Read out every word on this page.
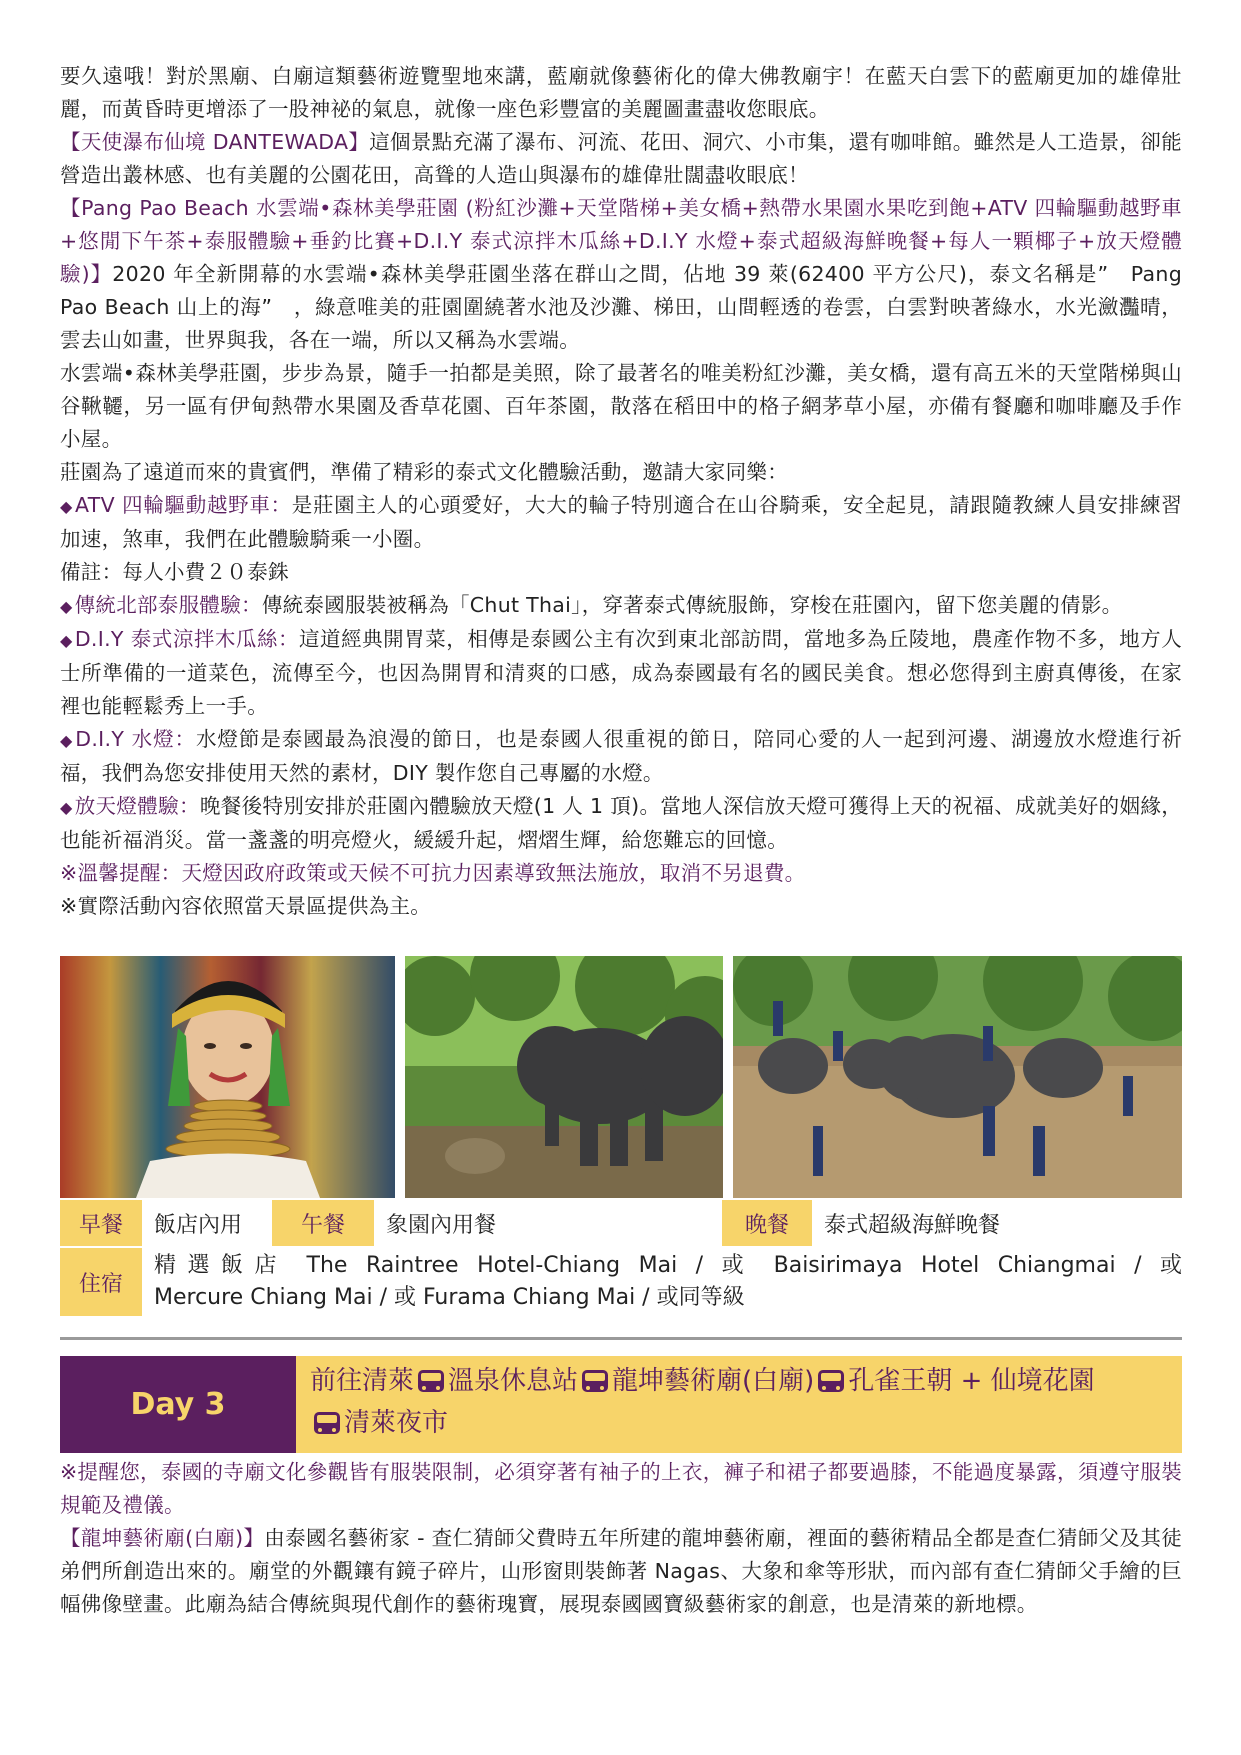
要久遠哦！對於黑廟、白廟這類藝術遊覽聖地來講，藍廟就像藝術化的偉大佛教廟宇！在藍天白雲下的藍廟更加的雄偉壯麗，而黃昏時更增添了一股神祕的氣息，就像一座色彩豐富的美麗圖畫盡收您眼底。

【天使瀑布仙境 DANTEWADA】這個景點充滿了瀑布、河流、花田、洞穴、小市集，還有咖啡館。雖然是人工造景，卻能營造出叢林感、也有美麗的公園花田，高聳的人造山與瀑布的雄偉壯闊盡收眼底！

【Pang Pao Beach 水雲端•森林美學莊園 (粉紅沙灘+天堂階梯+美女橋+熱帶水果園水果吃到飽+ATV 四輪驅動越野車+悠閒下午茶+泰服體驗+垂釣比賽+D.I.Y 泰式涼拌木瓜絲+D.I.Y 水燈+泰式超級海鮮晚餐+每人一顆椰子+放天燈體驗)】2020 年全新開幕的水雲端•森林美學莊園坐落在群山之間，佔地 39 萊(62400 平方公尺)，泰文名稱是”　Pang Pao Beach 山上的海”　，綠意唯美的莊園圍繞著水池及沙灘、梯田，山間輕透的卷雲，白雲對映著綠水，水光瀲灩晴，雲去山如畫，世界與我，各在一端，所以又稱為水雲端。

水雲端•森林美學莊園，步步為景，隨手一拍都是美照，除了最著名的唯美粉紅沙灘，美女橋，還有高五米的天堂階梯與山谷鞦韆，另一區有伊甸熱帶水果園及香草花園、百年茶園，散落在稻田中的格子網茅草小屋，亦備有餐廳和咖啡廳及手作小屋。

莊園為了遠道而來的貴賓們，準備了精彩的泰式文化體驗活動，邀請大家同樂：

◆ATV 四輪驅動越野車：是莊園主人的心頭愛好，大大的輪子特別適合在山谷騎乘，安全起見，請跟隨教練人員安排練習加速，煞車，我們在此體驗騎乘一小圈。

備註：每人小費２０泰銖

◆傳統北部泰服體驗：傳統泰國服裝被稱為「Chut Thai」，穿著泰式傳統服飾，穿梭在莊園內，留下您美麗的倩影。

◆D.I.Y 泰式涼拌木瓜絲：這道經典開胃菜，相傳是泰國公主有次到東北部訪問，當地多為丘陵地，農產作物不多，地方人士所準備的一道菜色，流傳至今，也因為開胃和清爽的口感，成為泰國最有名的國民美食。想必您得到主廚真傳後，在家裡也能輕鬆秀上一手。

◆D.I.Y 水燈：水燈節是泰國最為浪漫的節日，也是泰國人很重視的節日，陪同心愛的人一起到河邊、湖邊放水燈進行祈福，我們為您安排使用天然的素材，DIY 製作您自己專屬的水燈。

◆放天燈體驗：晚餐後特別安排於莊園內體驗放天燈(1 人 1 頂)。當地人深信放天燈可獲得上天的祝福、成就美好的姻緣，也能祈福消災。當一盞盞的明亮燈火，緩緩升起，熠熠生輝，給您難忘的回憶。

※溫馨提醒：天燈因政府政策或天候不可抗力因素導致無法施放，取消不另退費。

※實際活動內容依照當天景區提供為主。

早餐	飯店內用	午餐	象園內用餐	晚餐	泰式超級海鮮晚餐
住宿
精選飯店 The Raintree Hotel-Chiang Mai / 或 Baisirimaya Hotel Chiangmai / 或
Mercure Chiang Mai / 或 Furama Chiang Mai / 或同等級
Day 3
前往清萊 溫泉休息站 龍坤藝術廟(白廟) 孔雀王朝 + 仙境花園
清萊夜市

※提醒您，泰國的寺廟文化參觀皆有服裝限制，必須穿著有袖子的上衣，褲子和裙子都要過膝，不能過度暴露，須遵守服裝規範及禮儀。

【龍坤藝術廟(白廟)】由泰國名藝術家 - 查仁猜師父費時五年所建的龍坤藝術廟，裡面的藝術精品全都是查仁猜師父及其徒弟們所創造出來的。廟堂的外觀鑲有鏡子碎片，山形窗則裝飾著 Nagas、大象和傘等形狀，而內部有查仁猜師父手繪的巨幅佛像壁畫。此廟為結合傳統與現代創作的藝術瑰寶，展現泰國國寶級藝術家的創意，也是清萊的新地標。
